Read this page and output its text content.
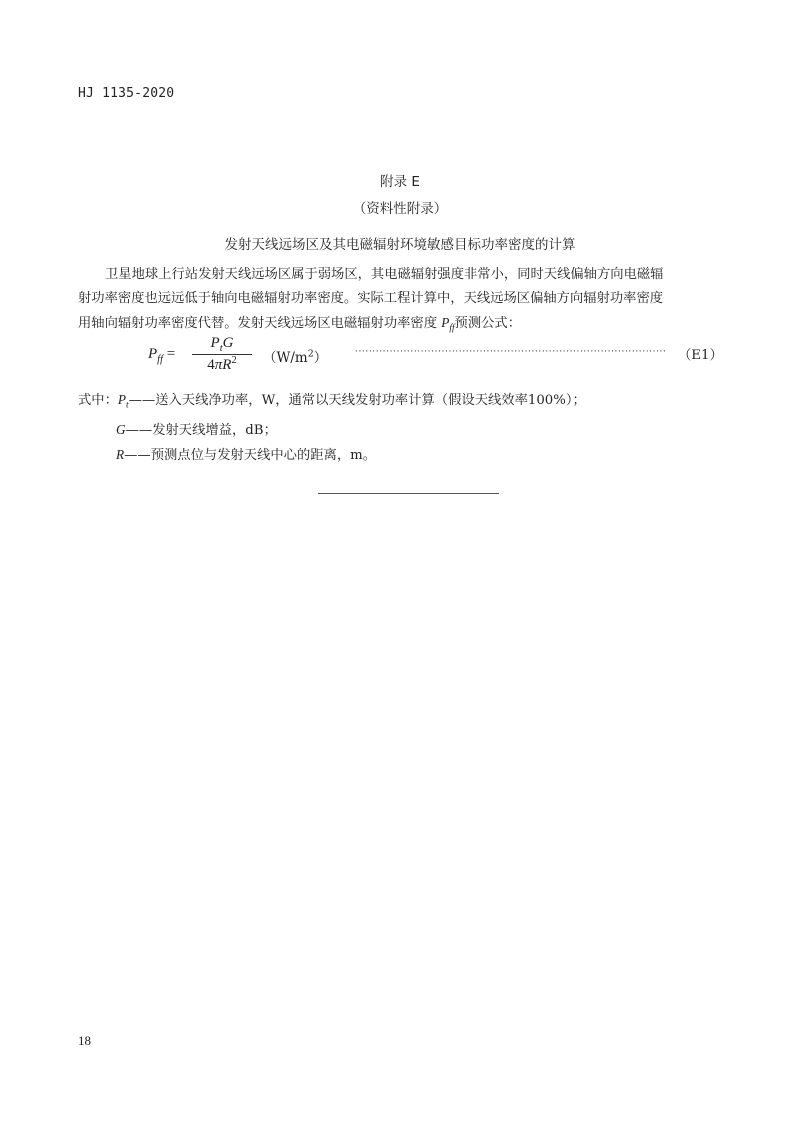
HJ 1135-2020
附录 E
（资料性附录）
发射天线远场区及其电磁辐射环境敏感目标功率密度的计算
卫星地球上行站发射天线远场区属于弱场区，其电磁辐射强度非常小，同时天线偏轴方向电磁辐
射功率密度也远远低于轴向电磁辐射功率密度。实际工程计算中，天线远场区偏轴方向辐射功率密度
用轴向辐射功率密度代替。发射天线远场区电磁辐射功率密度 $P_{ff}$预测公式：
$P_{ff}$ =
$P_tG$
$4\pi R^2$	$(W/m^2)$	·························································································· （E1）
式中：$P_t——$送入天线净功率，W，通常以天线发射功率计算（假设天线效率100%）；
G——发射天线增益，dB；
R——预测点位与发射天线中心的距离，m。
18
